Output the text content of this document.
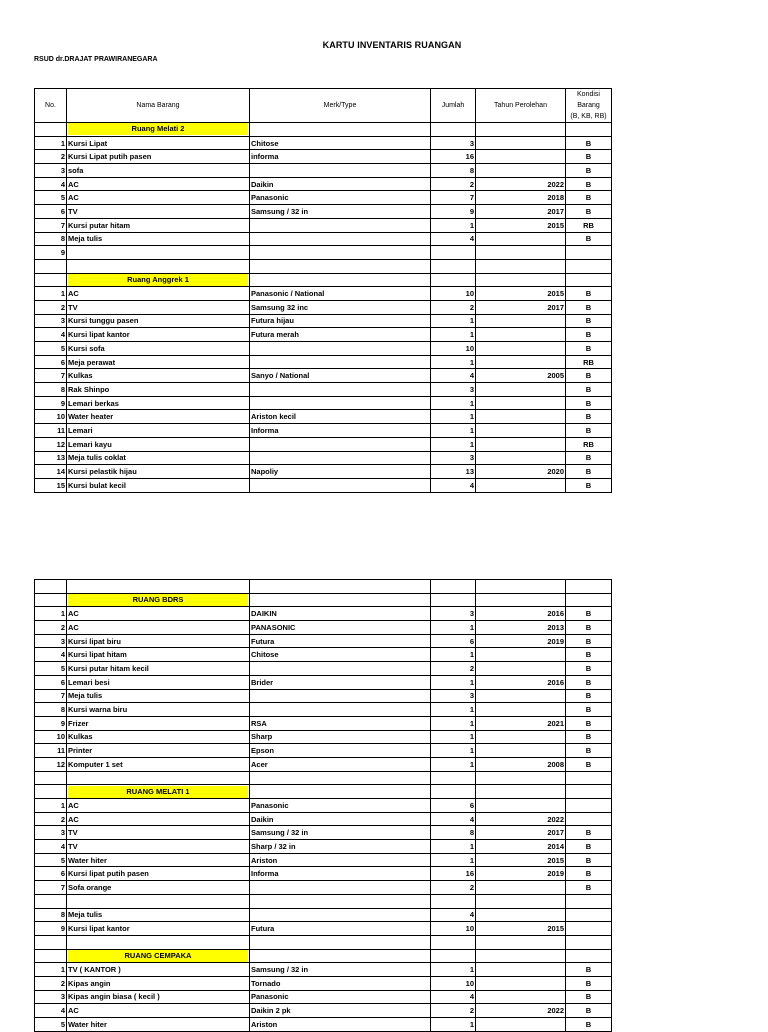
KARTU INVENTARIS RUANGAN
RSUD dr.DRAJAT PRAWIRANEGARA
No.	Nama Barang	Merk/Type	Jumlah	Tahun Perolehan	Kondisi
Barang
(B, KB, RB)
	Ruang Melati 2				
1	Kursi Lipat	Chitose	3		B
2	Kursi Lipat putih pasen	informa	16		B
3	sofa		8		B
4	AC	Daikin	2	2022	B
5	AC	Panasonic	7	2018	B
6	TV	Samsung / 32 in	9	2017	B
7	Kursi putar hitam		1	2015	RB
8	Meja tulis		4		B
9					

	Ruang Anggrek 1				
1	AC	Panasonic / National	10	2015	B
2	TV	Samsung 32 inc	2	2017	B
3	Kursi tunggu pasen	Futura hijau	1		B
4	Kursi lipat kantor	Futura merah	1		B
5	Kursi sofa		10		B
6	Meja perawat		1		RB
7	Kulkas	Sanyo / National	4	2005	B
8	Rak Shinpo		3		B
9	Lemari berkas		1		B
10	Water heater	Ariston kecil	1		B
11	Lemari	Informa	1		B
12	Lemari kayu		1		RB
13	Meja tulis coklat		3		B
14	Kursi pelastik hijau	Napoliy	13	2020	B
15	Kursi bulat kecil		4		B

	RUANG BDRS				
1	AC	DAIKIN	3	2016	B
2	AC	PANASONIC	1	2013	B
3	Kursi lipat biru	Futura	6	2019	B
4	Kursi lipat hitam	Chitose	1		B
5	Kursi putar hitam kecil		2		B
6	Lemari besi	Brider	1	2016	B
7	Meja tulis		3		B
8	Kursi warna biru		1		B
9	Frizer	RSA	1	2021	B
10	Kulkas	Sharp	1		B
11	Printer	Epson	1		B
12	Komputer 1 set	Acer	1	2008	B

	RUANG MELATI 1				
1	AC	Panasonic	6		
2	AC	Daikin	4	2022	
3	TV	Samsung / 32 in	8	2017	B
4	TV	Sharp / 32 in	1	2014	B
5	Water hiter	Ariston	1	2015	B
6	Kursi lipat putih pasen	Informa	16	2019	B
7	Sofa orange		2		B

8	Meja tulis		4		
9	Kursi lipat kantor	Futura	10	2015	

	RUANG CEMPAKA				
1	TV ( KANTOR )	Samsung / 32 in	1		B
2	Kipas angin	Tornado	10		B
3	Kipas angin biasa ( kecil )	Panasonic	4		B
4	AC	Daikin 2 pk	2	2022	B
5	Water hiter	Ariston	1		B
